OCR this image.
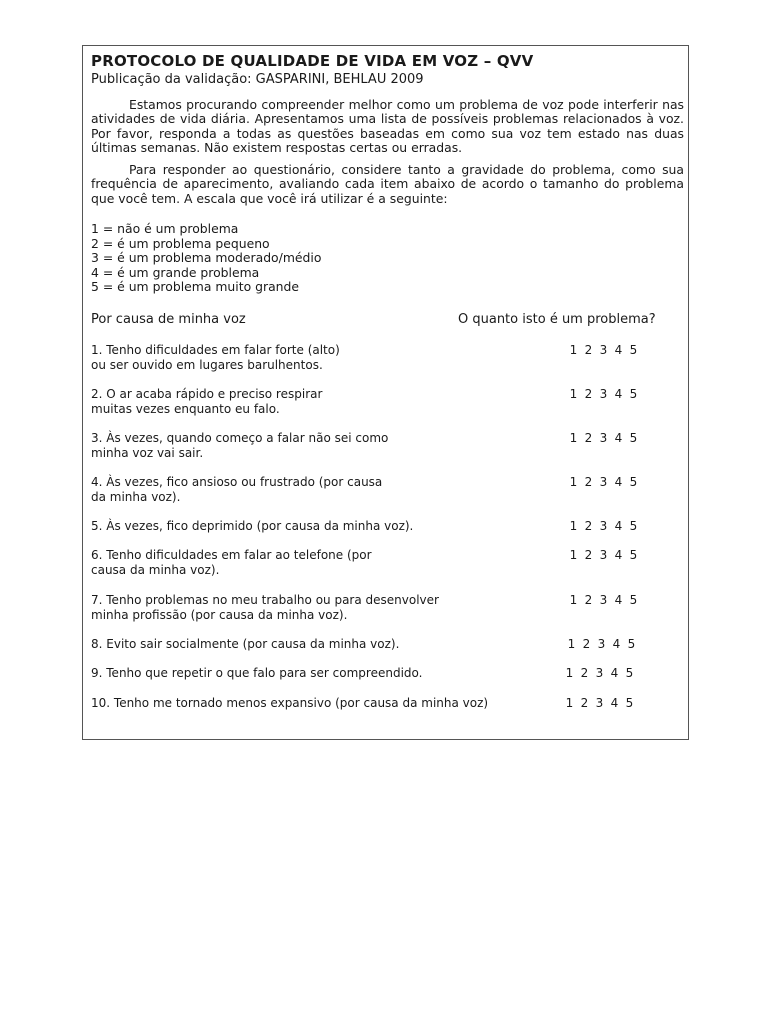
PROTOCOLO DE QUALIDADE DE VIDA EM VOZ – QVV
Publicação da validação: GASPARINI, BEHLAU 2009

Estamos procurando compreender melhor como um problema de voz pode interferir nas atividades de vida diária. Apresentamos uma lista de possíveis problemas relacionados à voz. Por favor, responda a todas as questões baseadas em como sua voz tem estado nas duas últimas semanas. Não existem respostas certas ou erradas.

Para responder ao questionário, considere tanto a gravidade do problema, como sua frequência de aparecimento, avaliando cada item abaixo de acordo o tamanho do problema que você tem. A escala que você irá utilizar é a seguinte:

1 = não é um problema
2 = é um problema pequeno
3 = é um problema moderado/médio
4 = é um grande problema
5 = é um problema muito grande
Por causa de minha voz	O quanto isto é um problema?
1. Tenho dificuldades em falar forte (alto)
ou ser ouvido em lugares barulhentos.
1 2 3 4 5
2. O ar acaba rápido e preciso respirar
muitas vezes enquanto eu falo.
1 2 3 4 5
3. Às vezes, quando começo a falar não sei como
minha voz vai sair.
1 2 3 4 5
4. Às vezes, fico ansioso ou frustrado (por causa
da minha voz).
1 2 3 4 5
5. Às vezes, fico deprimido (por causa da minha voz).	1 2 3 4 5
6. Tenho dificuldades em falar ao telefone (por
causa da minha voz).
1 2 3 4 5
7. Tenho problemas no meu trabalho ou para desenvolver
minha profissão (por causa da minha voz).
1 2 3 4 5
8. Evito sair socialmente (por causa da minha voz).	1 2 3 4 5
9. Tenho que repetir o que falo para ser compreendido.	1 2 3 4 5
10. Tenho me tornado menos expansivo (por causa da minha voz)	1 2 3 4 5
